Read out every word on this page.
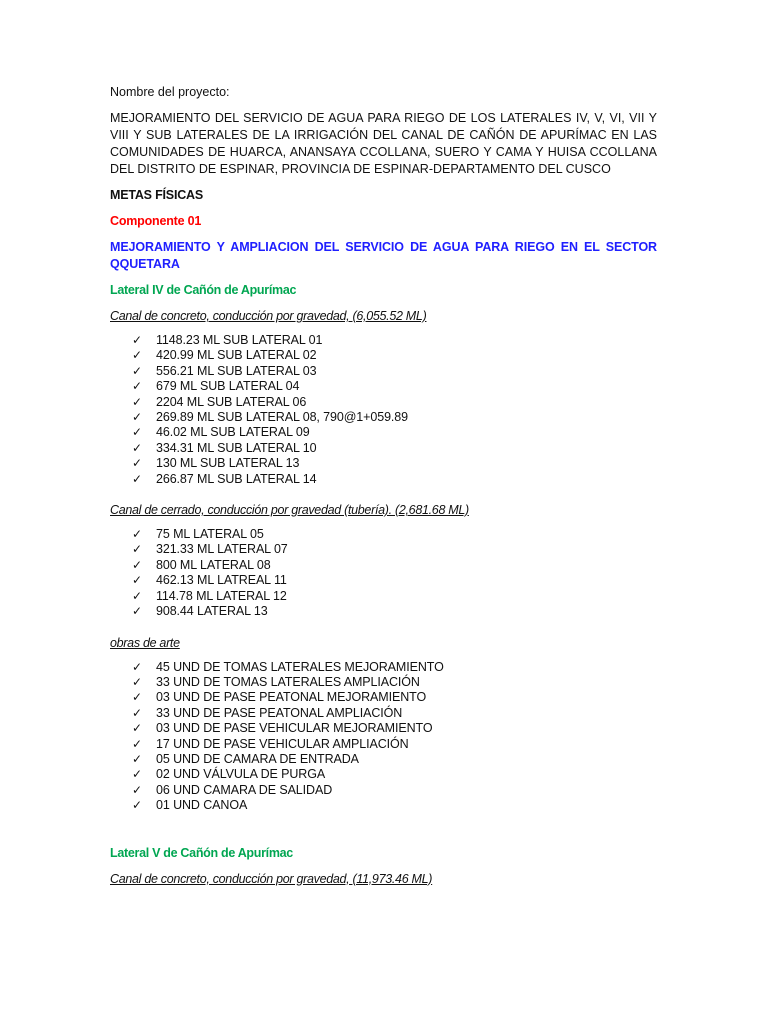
Nombre del proyecto:

MEJORAMIENTO DEL SERVICIO DE AGUA PARA RIEGO DE LOS LATERALES IV, V, VI, VII Y VIII Y SUB LATERALES DE LA IRRIGACIÓN DEL CANAL DE CAÑÓN DE APURÍMAC EN LAS COMUNIDADES DE HUARCA, ANANSAYA CCOLLANA, SUERO Y CAMA Y HUISA CCOLLANA DEL DISTRITO DE ESPINAR, PROVINCIA DE ESPINAR-DEPARTAMENTO DEL CUSCO

METAS FÍSICAS

Componente 01

MEJORAMIENTO Y AMPLIACION DEL SERVICIO DE AGUA PARA RIEGO EN EL SECTOR QQUETARA

Lateral IV de Cañón de Apurímac

Canal de concreto, conducción por gravedad, (6,055.52 ML)

✓ 1148.23 ML SUB LATERAL 01
✓ 420.99 ML SUB LATERAL 02
✓ 556.21 ML SUB LATERAL 03
✓ 679 ML SUB LATERAL 04
✓ 2204 ML SUB LATERAL 06
✓ 269.89 ML SUB LATERAL 08, 790@1+059.89
✓ 46.02 ML SUB LATERAL 09
✓ 334.31 ML SUB LATERAL 10
✓ 130 ML SUB LATERAL 13
✓ 266.87 ML SUB LATERAL 14

Canal de cerrado, conducción por gravedad (tubería). (2,681.68 ML)

✓ 75 ML LATERAL 05
✓ 321.33 ML LATERAL 07
✓ 800 ML LATERAL 08
✓ 462.13 ML LATREAL 11
✓ 114.78 ML LATERAL 12
✓ 908.44 LATERAL 13

obras de arte

✓ 45 UND DE TOMAS LATERALES MEJORAMIENTO
✓ 33 UND DE TOMAS LATERALES AMPLIACIÓN
✓ 03 UND DE PASE PEATONAL MEJORAMIENTO
✓ 33 UND DE PASE PEATONAL AMPLIACIÓN
✓ 03 UND DE PASE VEHICULAR MEJORAMIENTO
✓ 17 UND DE PASE VEHICULAR AMPLIACIÓN
✓ 05 UND DE CAMARA DE ENTRADA
✓ 02 UND VÁLVULA DE PURGA
✓ 06 UND CAMARA DE SALIDAD
✓ 01 UND CANOA

Lateral V de Cañón de Apurímac

Canal de concreto, conducción por gravedad, (11,973.46 ML)
